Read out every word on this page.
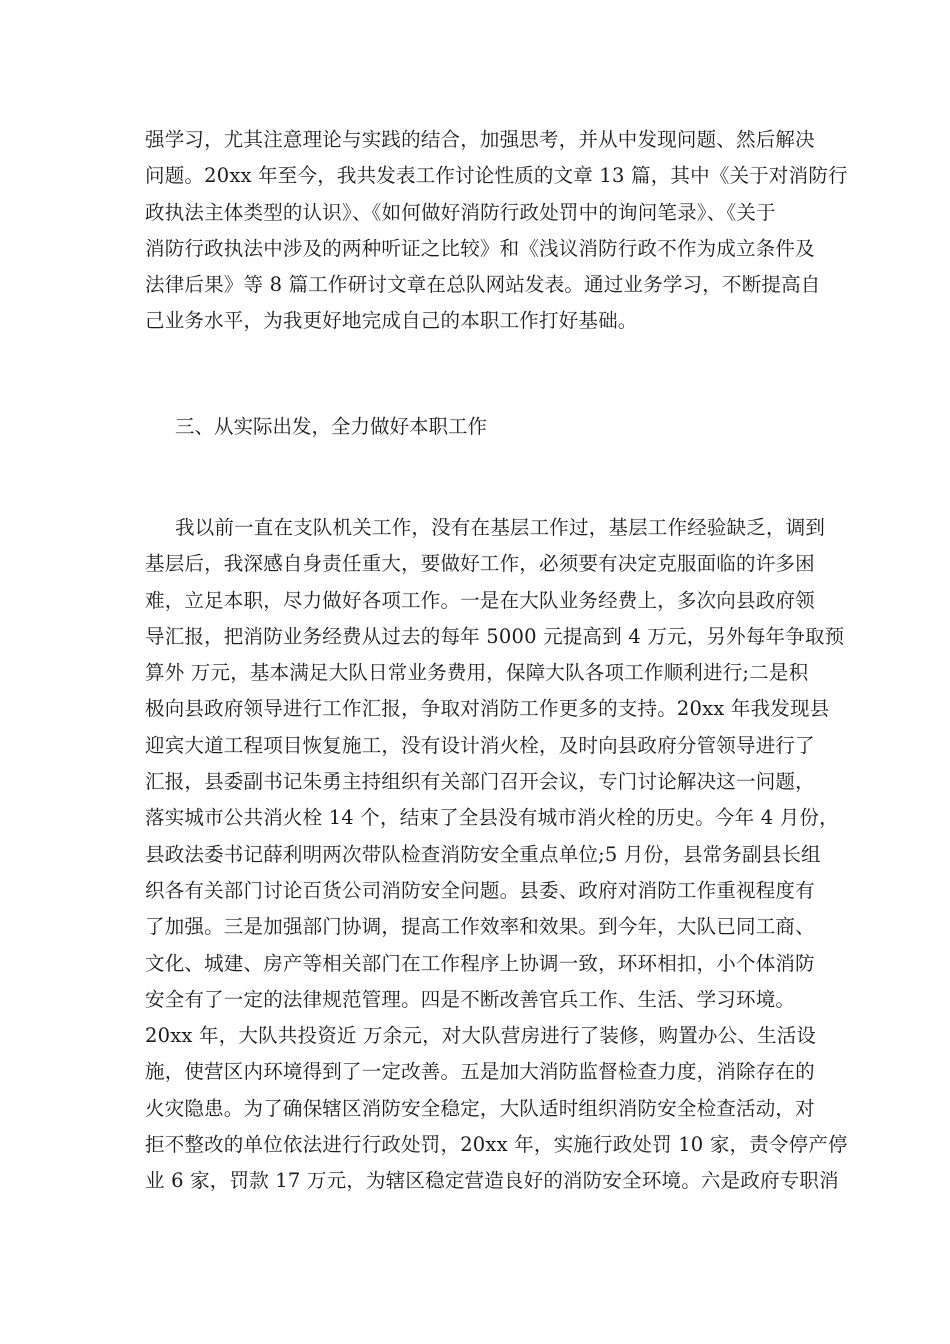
强学习，尤其注意理论与实践的结合，加强思考，并从中发现问题、然后解决
问题。20xx 年至今，我共发表工作讨论性质的文章 13 篇，其中《关于对消防行
政执法主体类型的认识》、《如何做好消防行政处罚中的询问笔录》、《关于
消防行政执法中涉及的两种听证之比较》和《浅议消防行政不作为成立条件及
法律后果》等 8 篇工作研讨文章在总队网站发表。通过业务学习，不断提高自
己业务水平，为我更好地完成自己的本职工作打好基础。
三、从实际出发，全力做好本职工作
我以前一直在支队机关工作，没有在基层工作过，基层工作经验缺乏，调到
基层后，我深感自身责任重大，要做好工作，必须要有决定克服面临的许多困
难，立足本职，尽力做好各项工作。一是在大队业务经费上，多次向县政府领
导汇报，把消防业务经费从过去的每年 5000 元提高到 4 万元，另外每年争取预
算外 万元，基本满足大队日常业务费用，保障大队各项工作顺利进行;二是积
极向县政府领导进行工作汇报，争取对消防工作更多的支持。20xx 年我发现县
迎宾大道工程项目恢复施工，没有设计消火栓，及时向县政府分管领导进行了
汇报，县委副书记朱勇主持组织有关部门召开会议，专门讨论解决这一问题，
落实城市公共消火栓 14 个，结束了全县没有城市消火栓的历史。今年 4 月份，
县政法委书记薛利明两次带队检查消防安全重点单位;5 月份，县常务副县长组
织各有关部门讨论百货公司消防安全问题。县委、政府对消防工作重视程度有
了加强。三是加强部门协调，提高工作效率和效果。到今年，大队已同工商、
文化、城建、房产等相关部门在工作程序上协调一致，环环相扣，小个体消防
安全有了一定的法律规范管理。四是不断改善官兵工作、生活、学习环境。
20xx 年，大队共投资近 万余元，对大队营房进行了装修，购置办公、生活设
施，使营区内环境得到了一定改善。五是加大消防监督检查力度，消除存在的
火灾隐患。为了确保辖区消防安全稳定，大队适时组织消防安全检查活动，对
拒不整改的单位依法进行行政处罚，20xx 年，实施行政处罚 10 家，责令停产停
业 6 家，罚款 17 万元，为辖区稳定营造良好的消防安全环境。六是政府专职消
